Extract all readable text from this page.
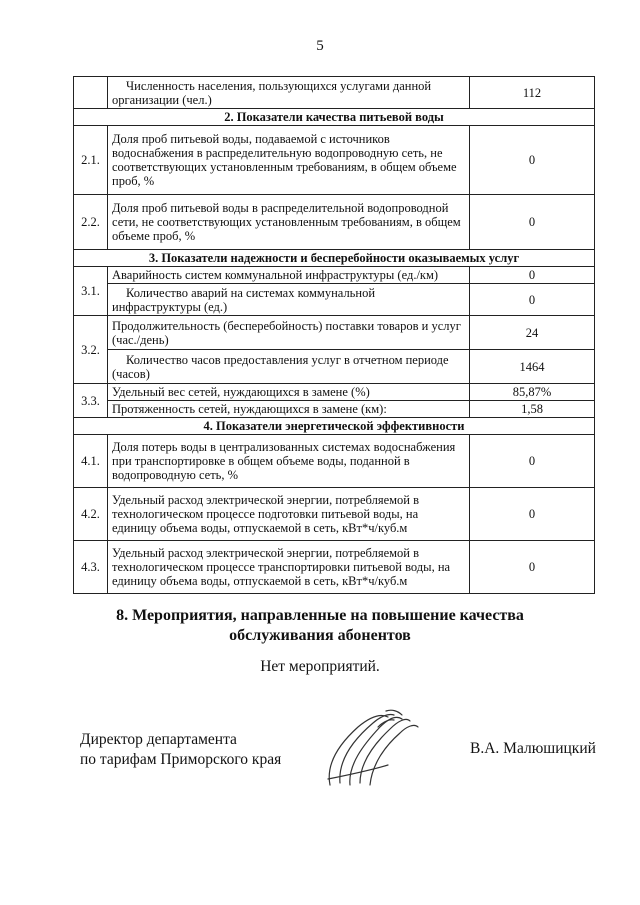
5
	Численность населения, пользующихся услугами данной организации (чел.)	112
2. Показатели качества питьевой воды		
2.1.	Доля проб питьевой воды, подаваемой с источников водоснабжения в распределительную водопроводную сеть, не соответствующих установленным требованиям, в общем объеме проб, %	0
2.2.	Доля проб питьевой воды в распределительной водопроводной сети, не соответствующих установленным требованиям, в общем объеме проб, %	0
3. Показатели надежности и бесперебойности оказываемых услуг		
3.1.	Аварийность систем коммунальной инфраструктуры (ед./км)	0
	Количество аварий на системах коммунальной инфраструктуры (ед.)	0
3.2.	Продолжительность (бесперебойность) поставки товаров и услуг (час./день)	24
	Количество часов предоставления услуг в отчетном периоде (часов)	1464
3.3.	Удельный вес сетей, нуждающихся в замене (%)	85,87%
	Протяженность сетей, нуждающихся в замене (км):	1,58
4. Показатели энергетической эффективности		
4.1.	Доля потерь воды в централизованных системах водоснабжения при транспортировке в общем объеме воды, поданной в водопроводную сеть, %	0
4.2.	Удельный расход электрической энергии, потребляемой в технологическом процессе подготовки питьевой воды, на единицу объема воды, отпускаемой в сеть, кВт*ч/куб.м	0
4.3.	Удельный расход электрической энергии, потребляемой в технологическом процессе транспортировки питьевой воды, на единицу объема воды, отпускаемой в сеть, кВт*ч/куб.м	0
8. Мероприятия, направленные на повышение качества
обслуживания абонентов
Нет мероприятий.
Директор департамента
по тарифам Приморского края
В.А. Малюшицкий
